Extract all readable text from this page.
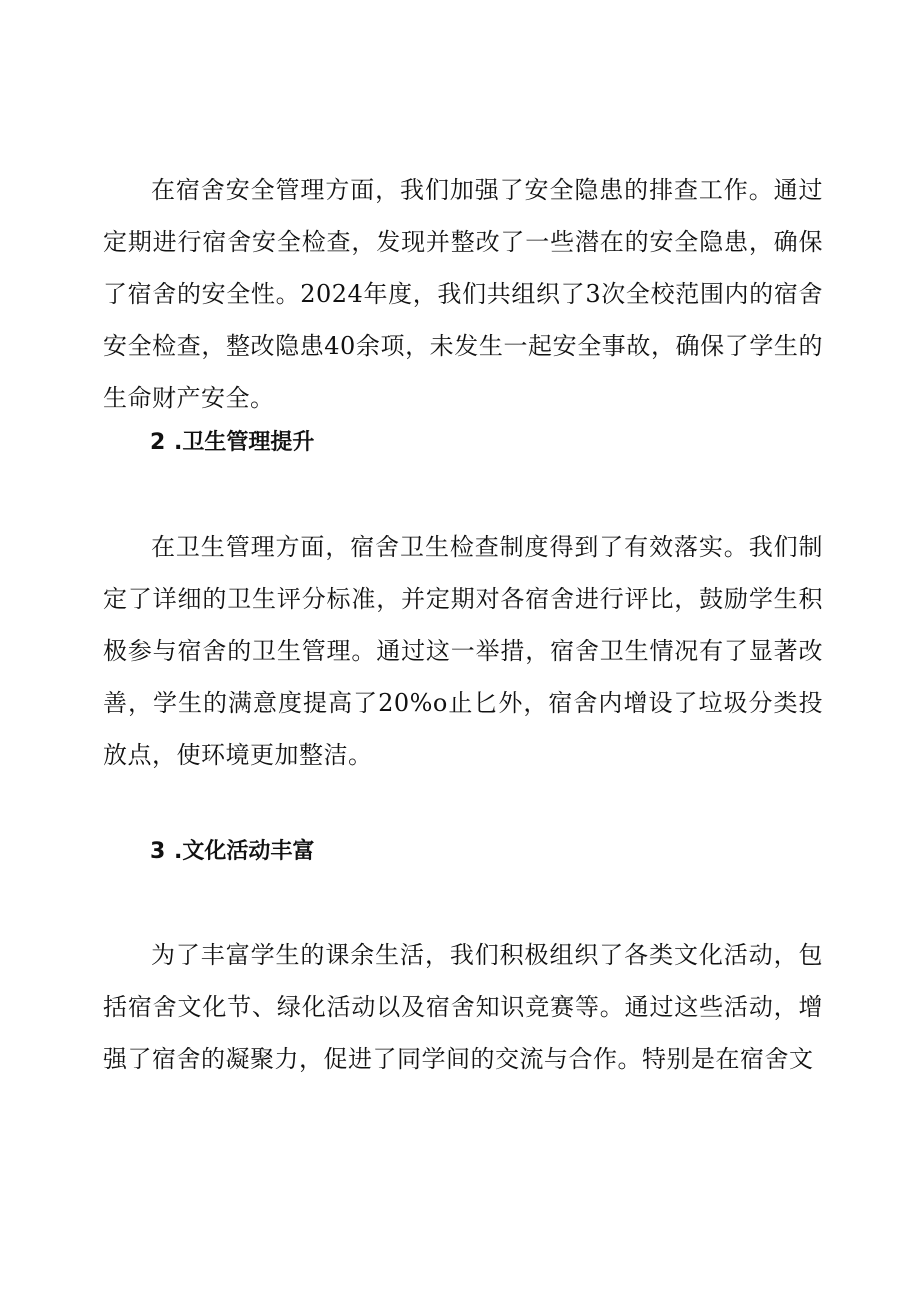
在宿舍安全管理方面，我们加强了安全隐患的排查工作。通过定期进行宿舍安全检查，发现并整改了一些潜在的安全隐患，确保了宿舍的安全性。2024年度，我们共组织了3次全校范围内的宿舍安全检查，整改隐患40余项，未发生一起安全事故，确保了学生的生命财产安全。

2 .卫生管理提升

在卫生管理方面，宿舍卫生检查制度得到了有效落实。我们制定了详细的卫生评分标准，并定期对各宿舍进行评比，鼓励学生积极参与宿舍的卫生管理。通过这一举措，宿舍卫生情况有了显著改善，学生的满意度提高了20%o止匕外，宿舍内增设了垃圾分类投放点，使环境更加整洁。

3 .文化活动丰富

为了丰富学生的课余生活，我们积极组织了各类文化活动，包括宿舍文化节、绿化活动以及宿舍知识竞赛等。通过这些活动，增强了宿舍的凝聚力，促进了同学间的交流与合作。特别是在宿舍文
